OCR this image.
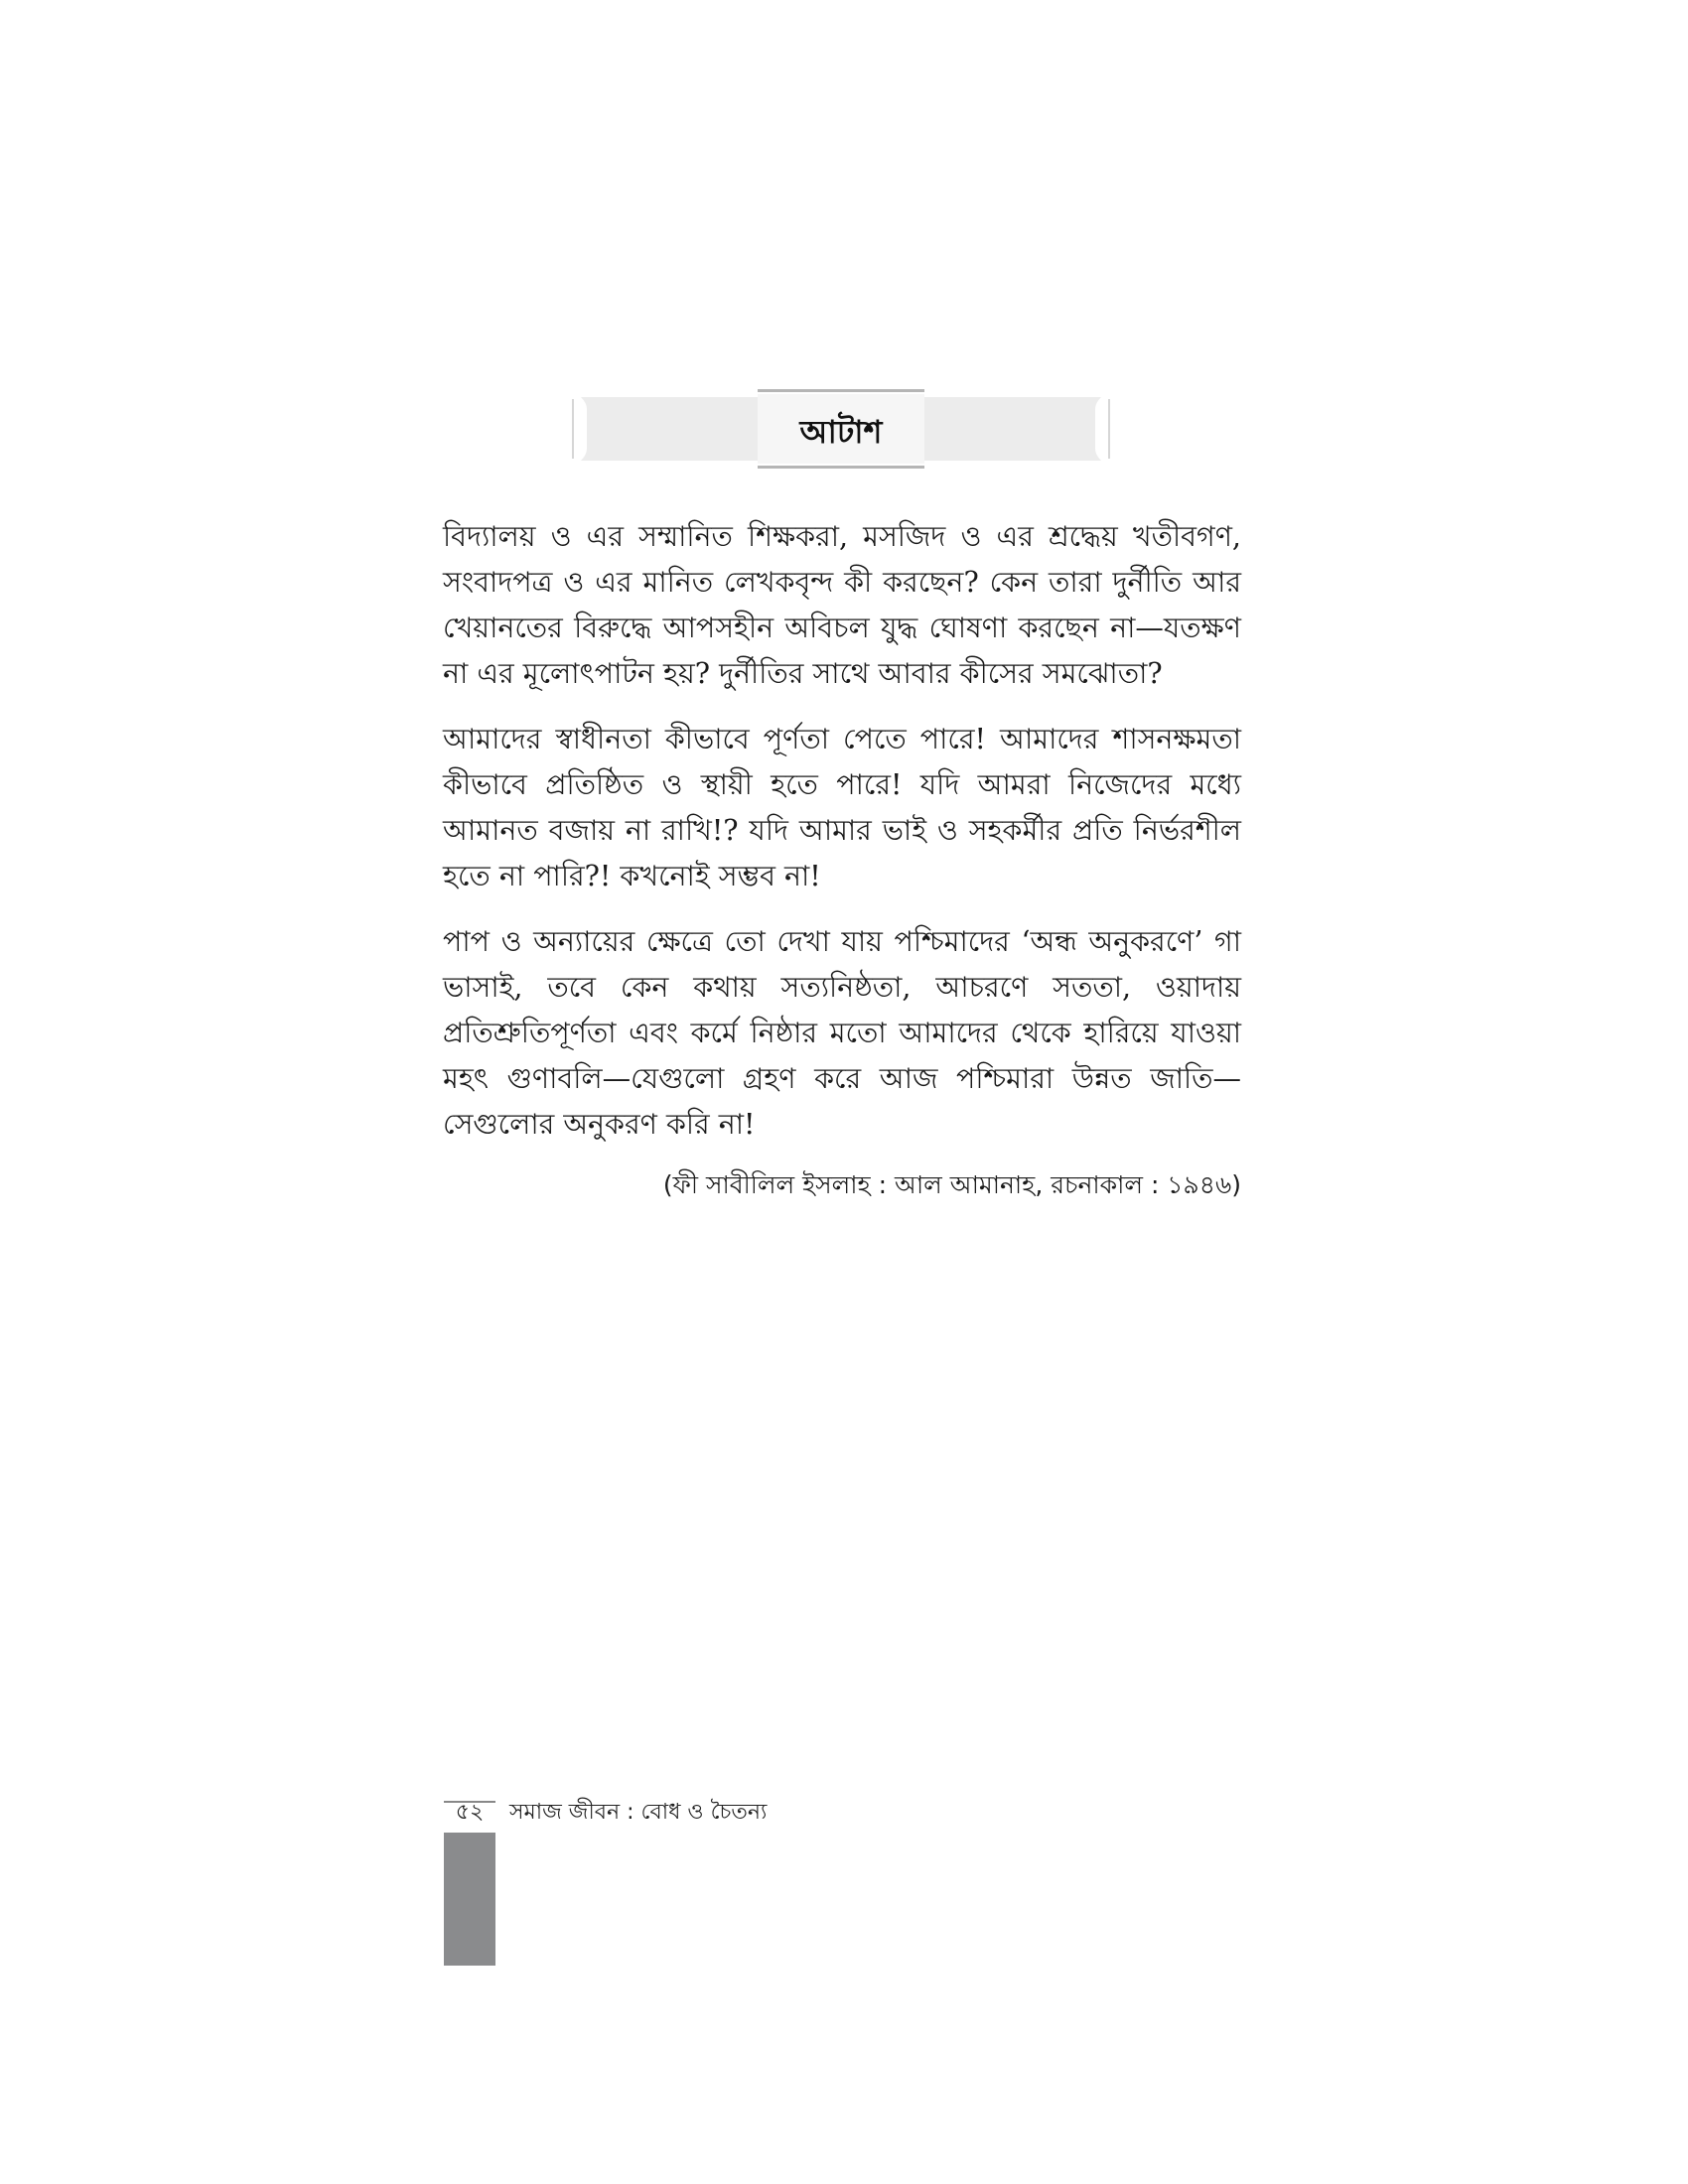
আটাশ

বিদ্যালয় ও এর সম্মানিত শিক্ষকরা, মসজিদ ও এর শ্রদ্ধেয় খতীবগণ, সংবাদপত্র ও এর মানিত লেখকবৃন্দ কী করছেন? কেন তারা দুর্নীতি আর খেয়ানতের বিরুদ্ধে আপসহীন অবিচল যুদ্ধ ঘোষণা করছেন না—যতক্ষণ না এর মূলোৎপাটন হয়? দুর্নীতির সাথে আবার কীসের সমঝোতা?

আমাদের স্বাধীনতা কীভাবে পূর্ণতা পেতে পারে! আমাদের শাসনক্ষমতা কীভাবে প্রতিষ্ঠিত ও স্থায়ী হতে পারে! যদি আমরা নিজেদের মধ্যে আমানত বজায় না রাখি!? যদি আমার ভাই ও সহকর্মীর প্রতি নির্ভরশীল হতে না পারি?! কখনোই সম্ভব না!

পাপ ও অন্যায়ের ক্ষেত্রে তো দেখা যায় পশ্চিমাদের ‘অন্ধ অনুকরণে’ গা ভাসাই, তবে কেন কথায় সত্যনিষ্ঠতা, আচরণে সততা, ওয়াদায় প্রতিশ্রুতিপূর্ণতা এবং কর্মে নিষ্ঠার মতো আমাদের থেকে হারিয়ে যাওয়া মহৎ গুণাবলি—যেগুলো গ্রহণ করে আজ পশ্চিমারা উন্নত জাতি—সেগুলোর অনুকরণ করি না!

(ফী সাবীলিল ইসলাহ : আল আমানাহ, রচনাকাল : ১৯৪৬)

৫২	সমাজ জীবন : বোধ ও চৈতন্য
